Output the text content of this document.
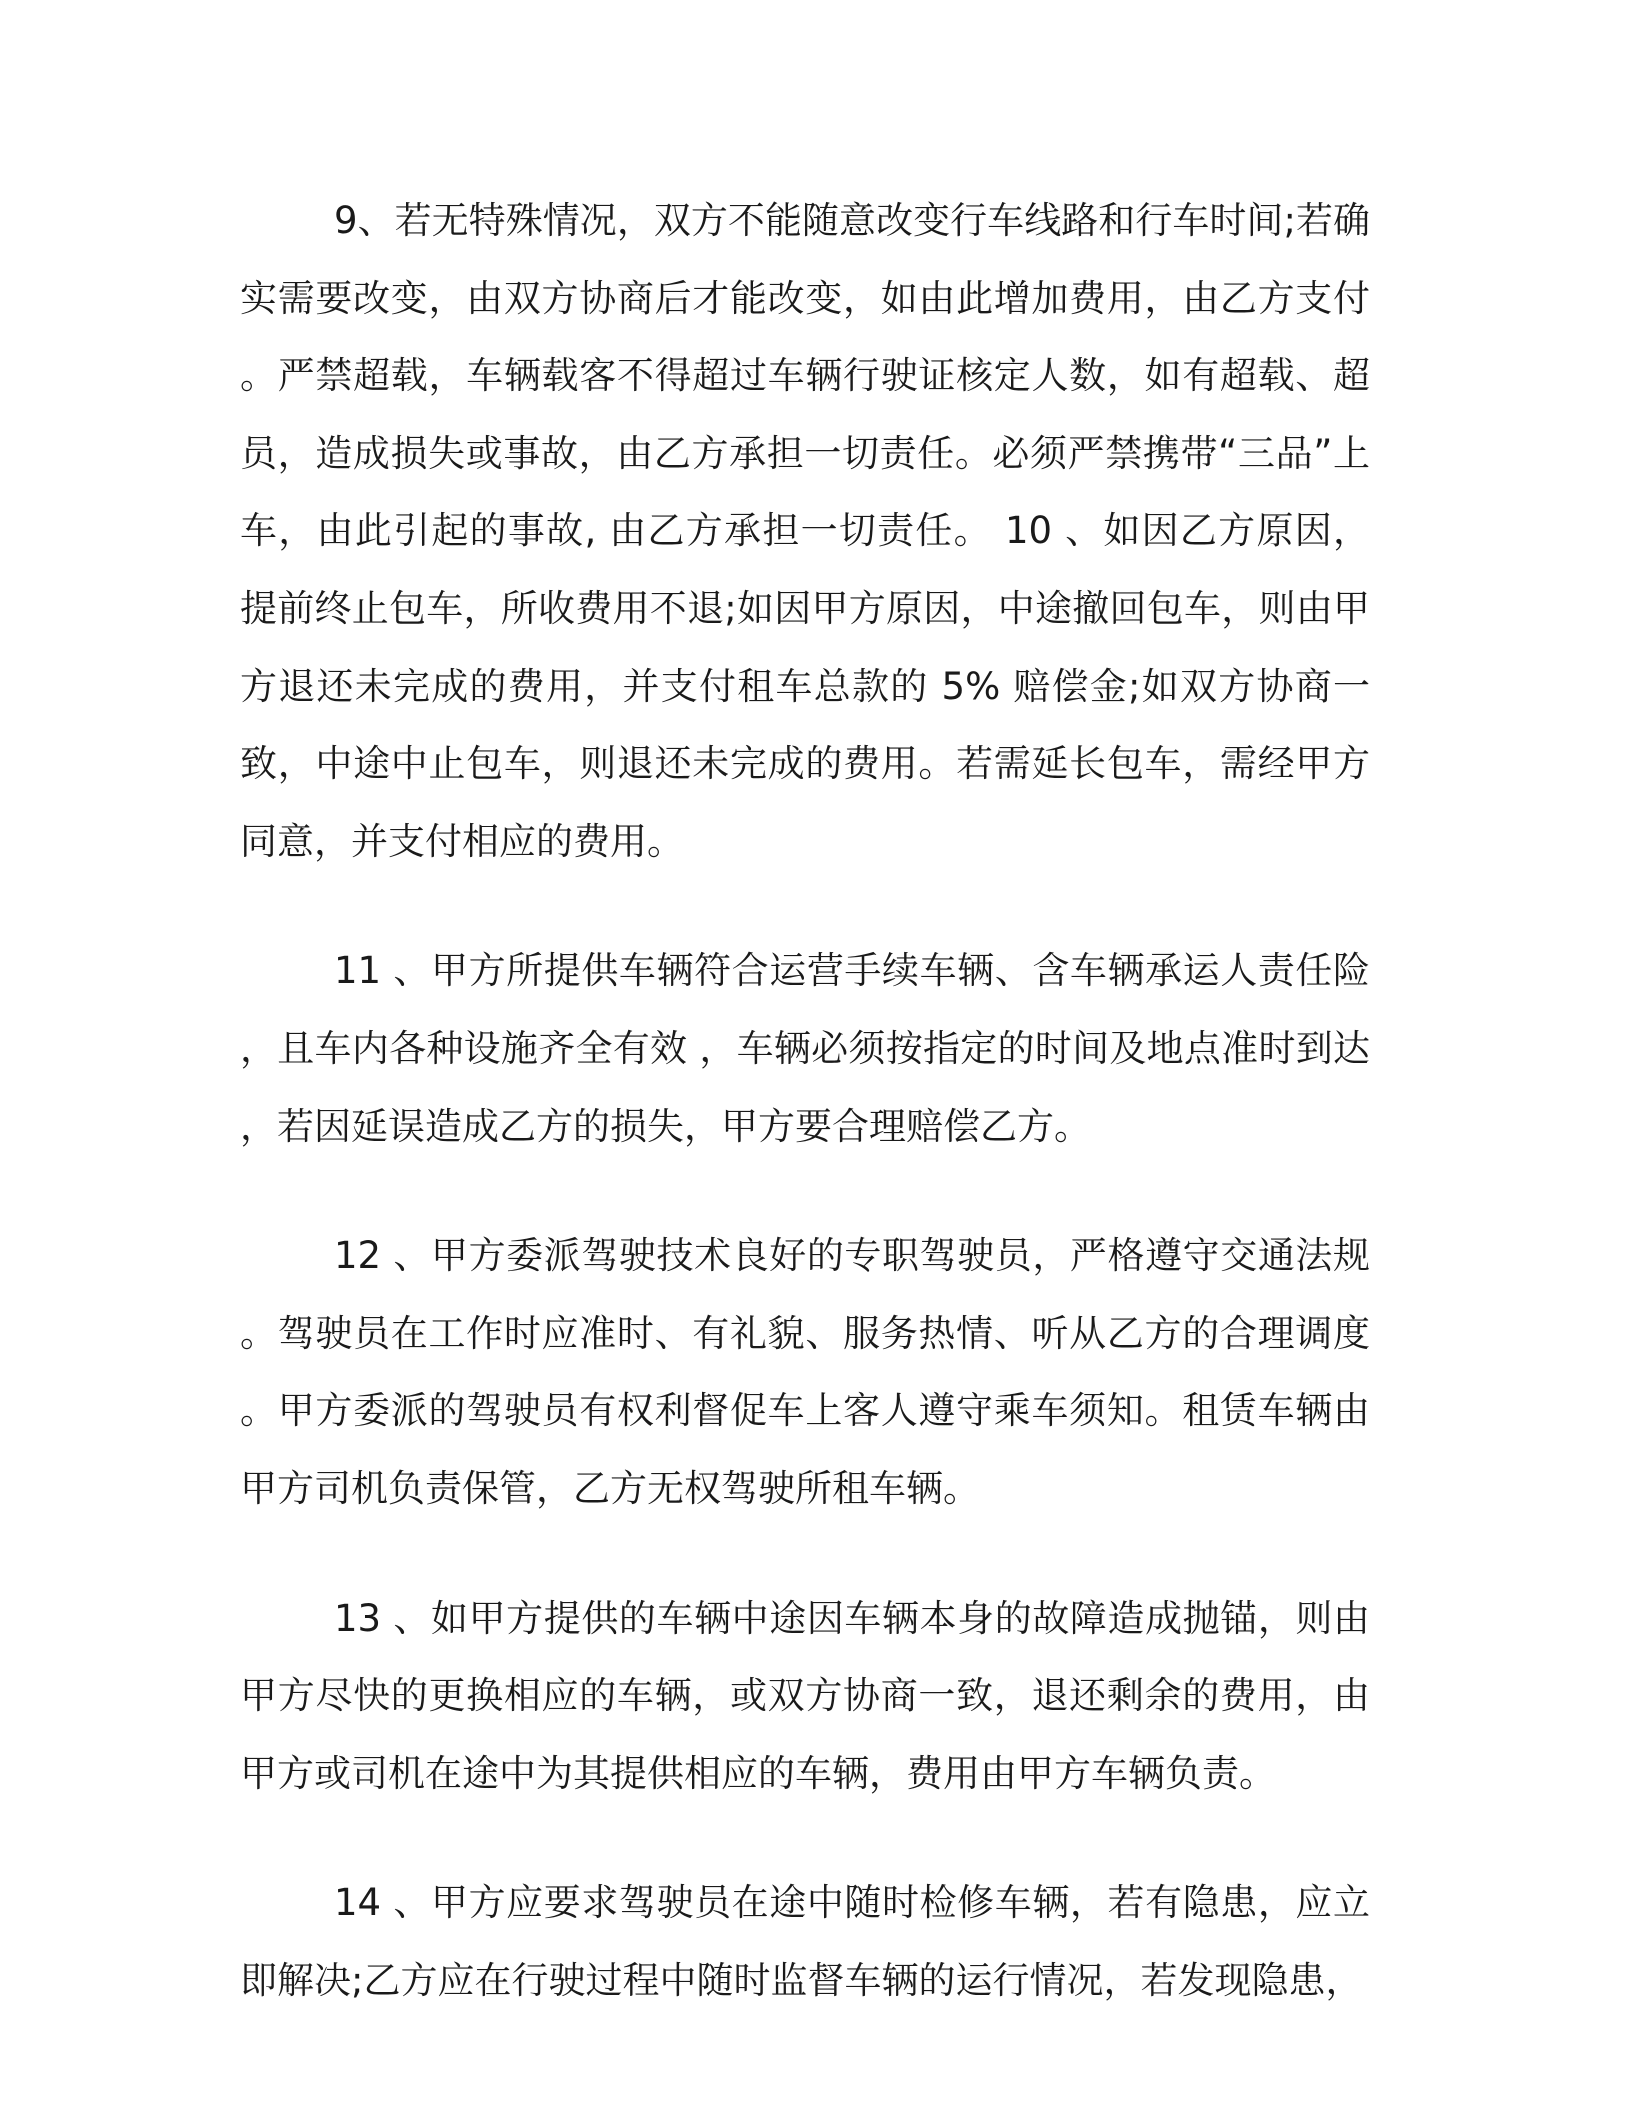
9、若无特殊情况，双方不能随意改变行车线路和行车时间;若确实需要改变，由双方协商后才能改变，如由此增加费用，由乙方支付。严禁超载，车辆载客不得超过车辆行驶证核定人数，如有超载、超员，造成损失或事故，由乙方承担一切责任。必须严禁携带“三品”上车，由此引起的事故, 由乙方承担一切责任。 10 、如因乙方原因，提前终止包车，所收费用不退;如因甲方原因，中途撤回包车，则由甲方退还未完成的费用，并支付租车总款的 5% 赔偿金;如双方协商一致，中途中止包车，则退还未完成的费用。若需延长包车，需经甲方同意，并支付相应的费用。

11 、甲方所提供车辆符合运营手续车辆、含车辆承运人责任险，且车内各种设施齐全有效 ，车辆必须按指定的时间及地点准时到达，若因延误造成乙方的损失，甲方要合理赔偿乙方。

12 、甲方委派驾驶技术良好的专职驾驶员，严格遵守交通法规。驾驶员在工作时应准时、有礼貌、服务热情、听从乙方的合理调度。甲方委派的驾驶员有权利督促车上客人遵守乘车须知。租赁车辆由甲方司机负责保管，乙方无权驾驶所租车辆。

13 、如甲方提供的车辆中途因车辆本身的故障造成抛锚，则由甲方尽快的更换相应的车辆，或双方协商一致，退还剩余的费用，由甲方或司机在途中为其提供相应的车辆，费用由甲方车辆负责。

14 、甲方应要求驾驶员在途中随时检修车辆，若有隐患，应立即解决;乙方应在行驶过程中随时监督车辆的运行情况，若发现隐患，
